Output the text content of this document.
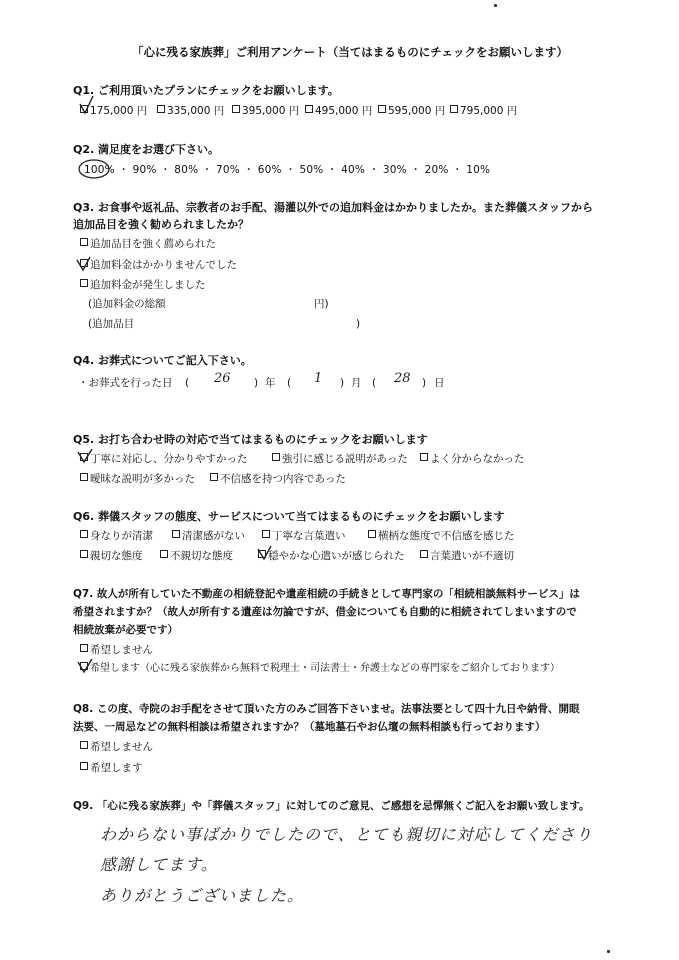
「心に残る家族葬」ご利用アンケート（当てはまるものにチェックをお願いします）
Q1. ご利用頂いたプランにチェックをお願いします。
175,000 円	335,000 円	395,000 円	495,000 円	595,000 円	795,000 円
Q2. 満足度をお選び下さい。
100% ・ 90% ・ 80% ・ 70% ・ 60% ・ 50% ・ 40% ・ 30% ・ 20% ・ 10%
Q3. お食事や返礼品、宗教者のお手配、湯灌以外での追加料金はかかりましたか。また葬儀スタッフから
追加品目を強く勧められましたか？
追加品目を強く薦められた
追加料金はかかりませんでした
追加料金が発生しました
(追加料金の総額	円)
(追加品目	)
Q4. お葬式についてご記入下さい。
・お葬式を行った日 ( 26 ) 年 ( 1 ) 月 ( 28 ) 日
Q5. お打ち合わせ時の対応で当てはまるものにチェックをお願いします
丁寧に対応し、分かりやすかった	強引に感じる説明があった	よく分からなかった
曖昧な説明が多かった	不信感を持つ内容であった
Q6. 葬儀スタッフの態度、サービスについて当てはまるものにチェックをお願いします
身なりが清潔	清潔感がない	丁寧な言葉遣い	横柄な態度で不信感を感じた
親切な態度	不親切な態度	穏やかな心遣いが感じられた	言葉遣いが不適切
Q7. 故人が所有していた不動産の相続登記や遺産相続の手続きとして専門家の「相続相談無料サービス」は
希望されますか？（故人が所有する遺産は勿論ですが、借金についても自動的に相続されてしまいますので
相続放棄が必要です）
希望しません
希望します（心に残る家族葬から無料で税理士・司法書士・弁護士などの専門家をご紹介しております）
Q8. この度、寺院のお手配をさせて頂いた方のみご回答下さいませ。法事法要として四十九日や納骨、開眼
法要、一周忌などの無料相談は希望されますか？（墓地墓石やお仏壇の無料相談も行っております）
希望しません
希望します
Q9. 「心に残る家族葬」や「葬儀スタッフ」に対してのご意見、ご感想を忌憚無くご記入をお願い致します。
わからない事ばかりでしたので、とても親切に対応してくださり
感謝してます。
ありがとうございました。
